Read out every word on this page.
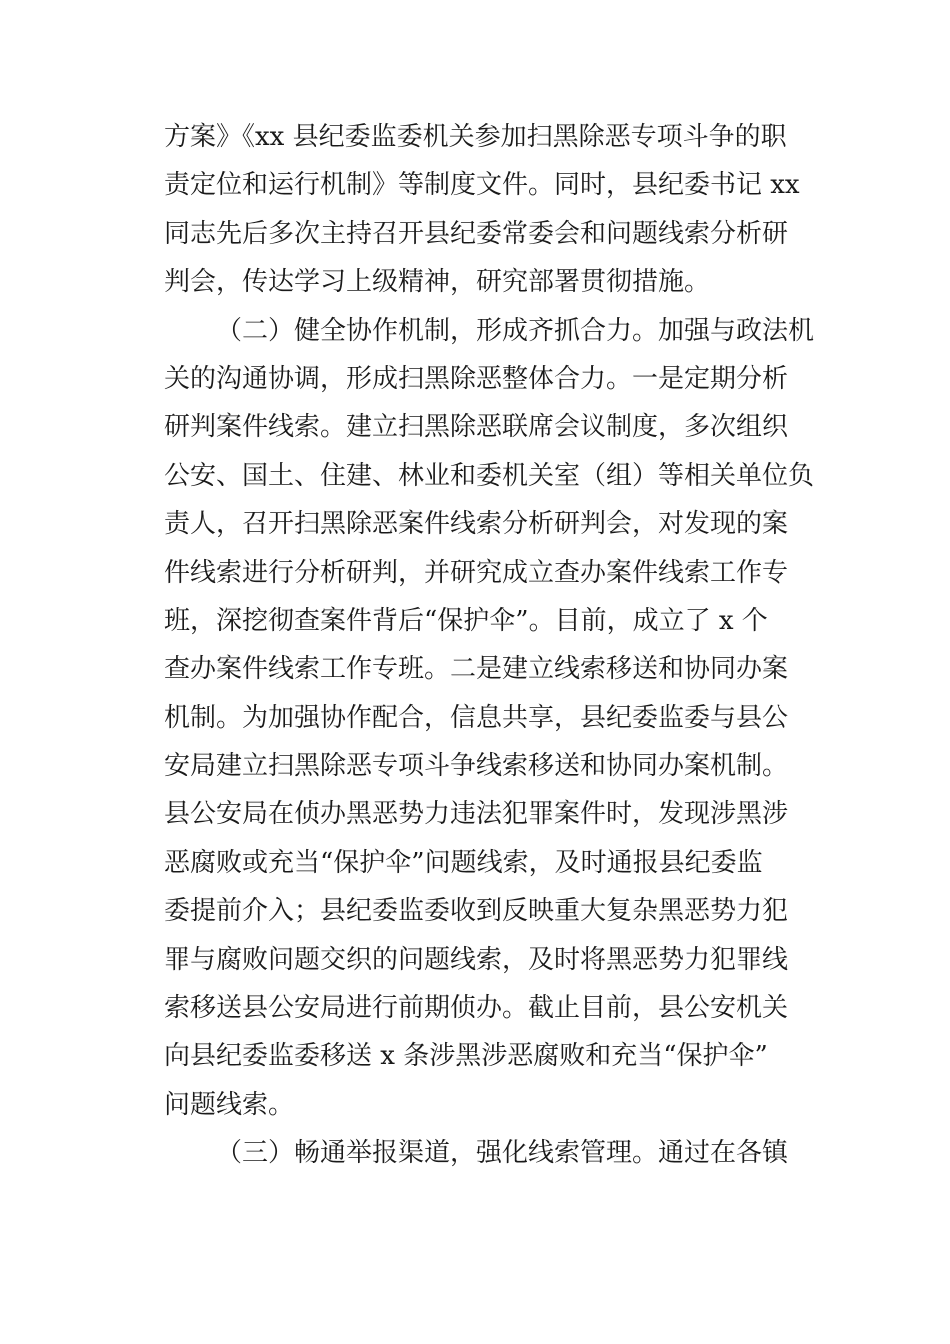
方案》《xx 县纪委监委机关参加扫黑除恶专项斗争的职
责定位和运行机制》等制度文件。同时，县纪委书记 xx
同志先后多次主持召开县纪委常委会和问题线索分析研
判会，传达学习上级精神，研究部署贯彻措施。
（二）健全协作机制，形成齐抓合力。加强与政法机
关的沟通协调，形成扫黑除恶整体合力。一是定期分析
研判案件线索。建立扫黑除恶联席会议制度，多次组织
公安、国土、住建、林业和委机关室（组）等相关单位负
责人，召开扫黑除恶案件线索分析研判会，对发现的案
件线索进行分析研判，并研究成立查办案件线索工作专
班，深挖彻查案件背后“保护伞”。目前，成立了 x 个
查办案件线索工作专班。二是建立线索移送和协同办案
机制。为加强协作配合，信息共享，县纪委监委与县公
安局建立扫黑除恶专项斗争线索移送和协同办案机制。
县公安局在侦办黑恶势力违法犯罪案件时，发现涉黑涉
恶腐败或充当“保护伞”问题线索，及时通报县纪委监
委提前介入；县纪委监委收到反映重大复杂黑恶势力犯
罪与腐败问题交织的问题线索，及时将黑恶势力犯罪线
索移送县公安局进行前期侦办。截止目前，县公安机关
向县纪委监委移送 x 条涉黑涉恶腐败和充当“保护伞”
问题线索。
（三）畅通举报渠道，强化线索管理。通过在各镇
